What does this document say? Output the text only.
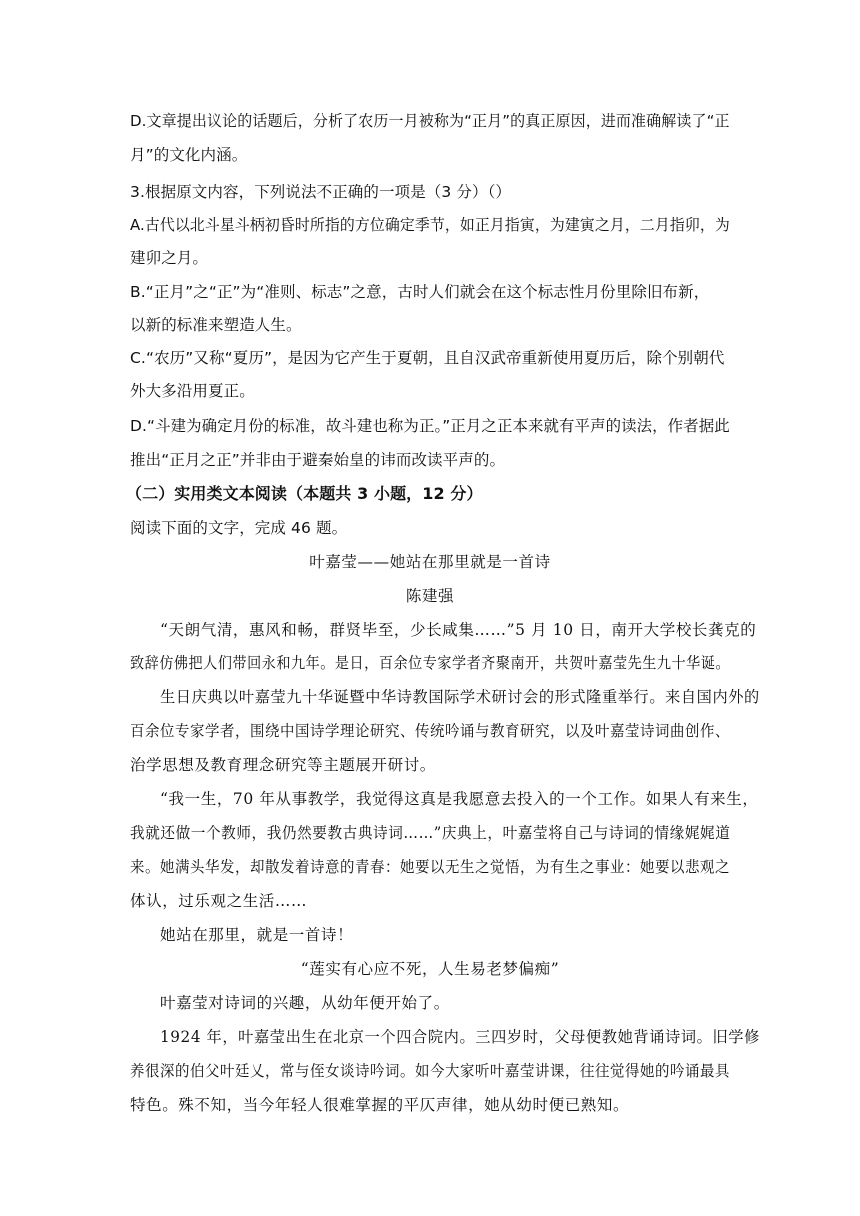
D.文章提出议论的话题后，分析了农历一月被称为“正月”的真正原因，进而准确解读了“正
月”的文化内涵。
3.根据原文内容，下列说法不正确的一项是（3 分）（）
A.古代以北斗星斗柄初昏时所指的方位确定季节，如正月指寅，为建寅之月，二月指卯，为
建卯之月。
B.“正月”之“正”为“准则、标志”之意，古时人们就会在这个标志性月份里除旧布新，
以新的标准来塑造人生。
C.“农历”又称“夏历”，是因为它产生于夏朝，且自汉武帝重新使用夏历后，除个别朝代
外大多沿用夏正。
D.“斗建为确定月份的标准，故斗建也称为正。”正月之正本来就有平声的读法，作者据此
推出“正月之正”并非由于避秦始皇的讳而改读平声的。
（二）实用类文本阅读（本题共 3 小题，12 分）
阅读下面的文字，完成 46 题。
叶嘉莹——她站在那里就是一首诗
陈建强
“天朗气清，惠风和畅，群贤毕至，少长咸集……”5 月 10 日，南开大学校长龚克的
致辞仿佛把人们带回永和九年。是日，百余位专家学者齐聚南开，共贺叶嘉莹先生九十华诞。
生日庆典以叶嘉莹九十华诞暨中华诗教国际学术研讨会的形式隆重举行。来自国内外的
百余位专家学者，围绕中国诗学理论研究、传统吟诵与教育研究，以及叶嘉莹诗词曲创作、
治学思想及教育理念研究等主题展开研讨。
“我一生，70 年从事教学，我觉得这真是我愿意去投入的一个工作。如果人有来生，
我就还做一个教师，我仍然要教古典诗词……”庆典上，叶嘉莹将自己与诗词的情缘娓娓道
来。她满头华发，却散发着诗意的青春：她要以无生之觉悟，为有生之事业：她要以悲观之
体认，过乐观之生活……
她站在那里，就是一首诗！
“莲实有心应不死，人生易老梦偏痴”
叶嘉莹对诗词的兴趣，从幼年便开始了。
1924 年，叶嘉莹出生在北京一个四合院内。三四岁时，父母便教她背诵诗词。旧学修
养很深的伯父叶廷乂，常与侄女谈诗吟词。如今大家听叶嘉莹讲课，往往觉得她的吟诵最具
特色。殊不知，当今年轻人很难掌握的平仄声律，她从幼时便已熟知。
